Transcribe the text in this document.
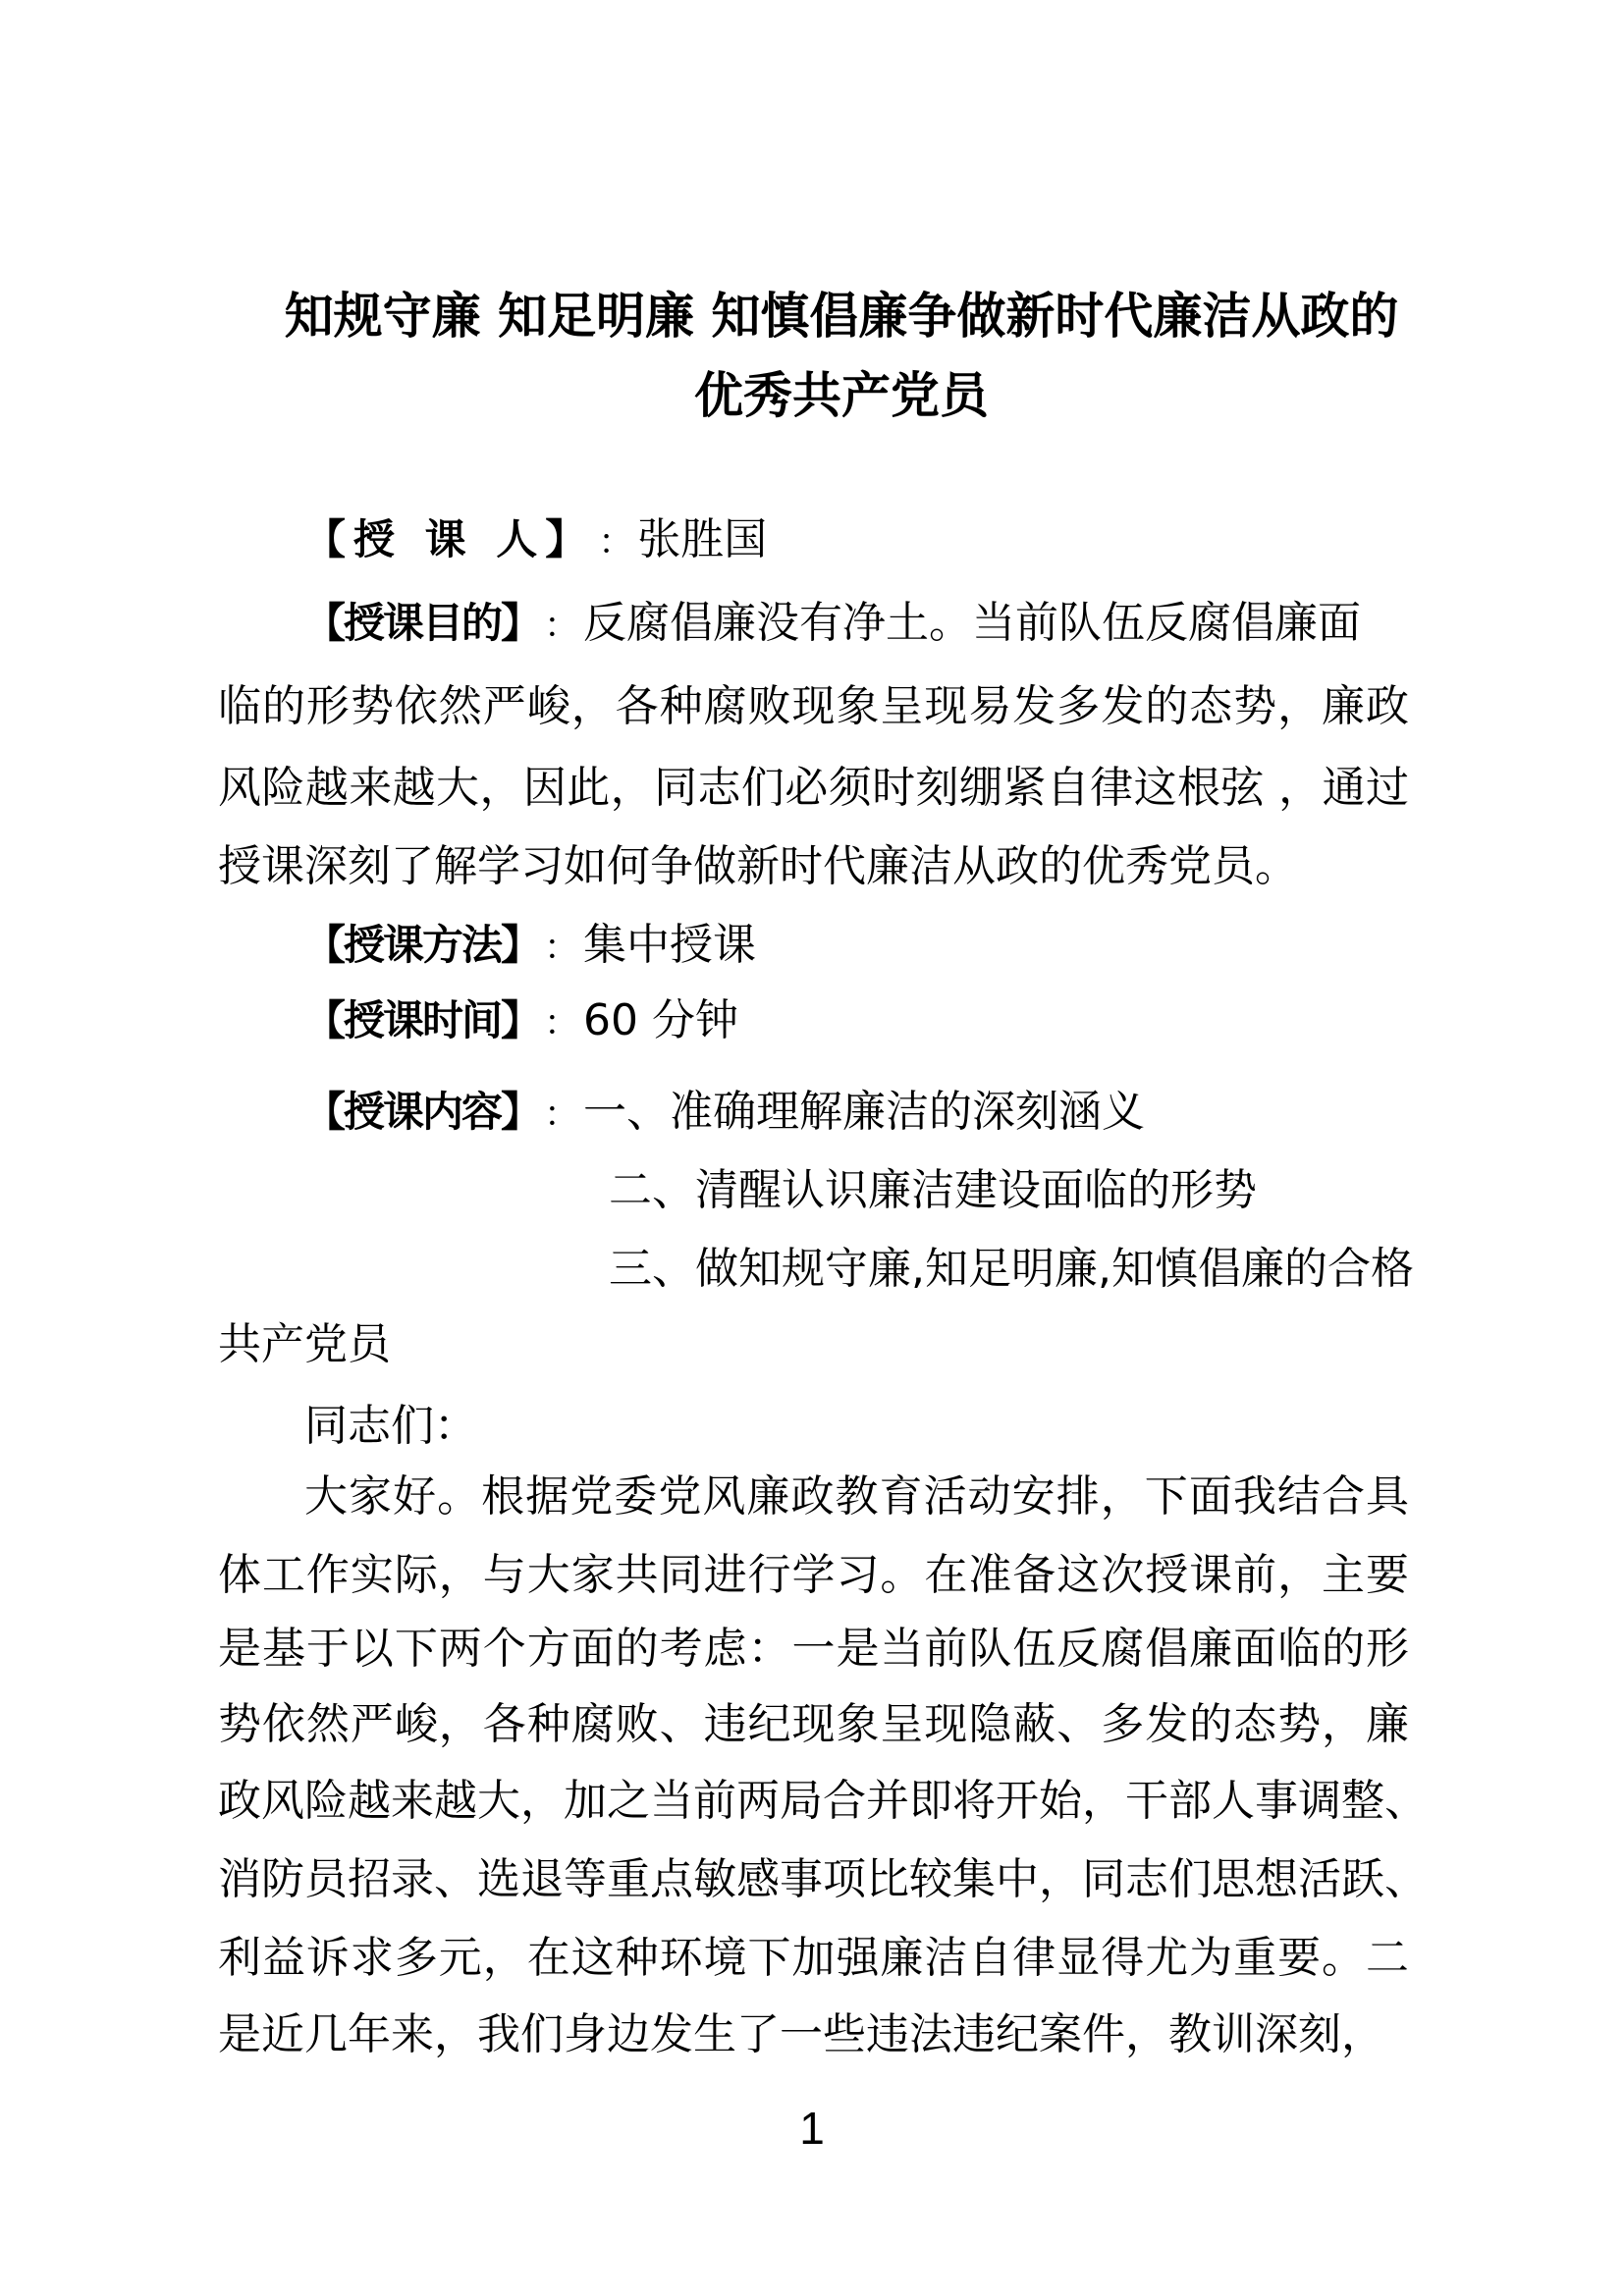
知规守廉 知足明廉 知慎倡廉争做新时代廉洁从政的
优秀共产党员
【授 课 人】 ：张胜国
【授课目的】 ：反腐倡廉没有净土。当前队伍反腐倡廉面
临的形势依然严峻，各种腐败现象呈现易发多发的态势，廉政
风险越来越大，因此，同志们必须时刻绷紧自律这根弦 ，通过
授课深刻了解学习如何争做新时代廉洁从政的优秀党员。
【授课方法】 ：集中授课
【授课时间】 ：60 分钟
【授课内容】 ：一、准确理解廉洁的深刻涵义
二、清醒认识廉洁建设面临的形势
三、做知规守廉,知足明廉,知慎倡廉的合格
共产党员
同志们：
大家好。根据党委党风廉政教育活动安排，下面我结合具
体工作实际，与大家共同进行学习。在准备这次授课前，主要
是基于以下两个方面的考虑：一是当前队伍反腐倡廉面临的形
势依然严峻，各种腐败、违纪现象呈现隐蔽、多发的态势，廉
政风险越来越大，加之当前两局合并即将开始，干部人事调整、
消防员招录、选退等重点敏感事项比较集中，同志们思想活跃、
利益诉求多元，在这种环境下加强廉洁自律显得尤为重要。二
是近几年来，我们身边发生了一些违法违纪案件，教训深刻，
1
